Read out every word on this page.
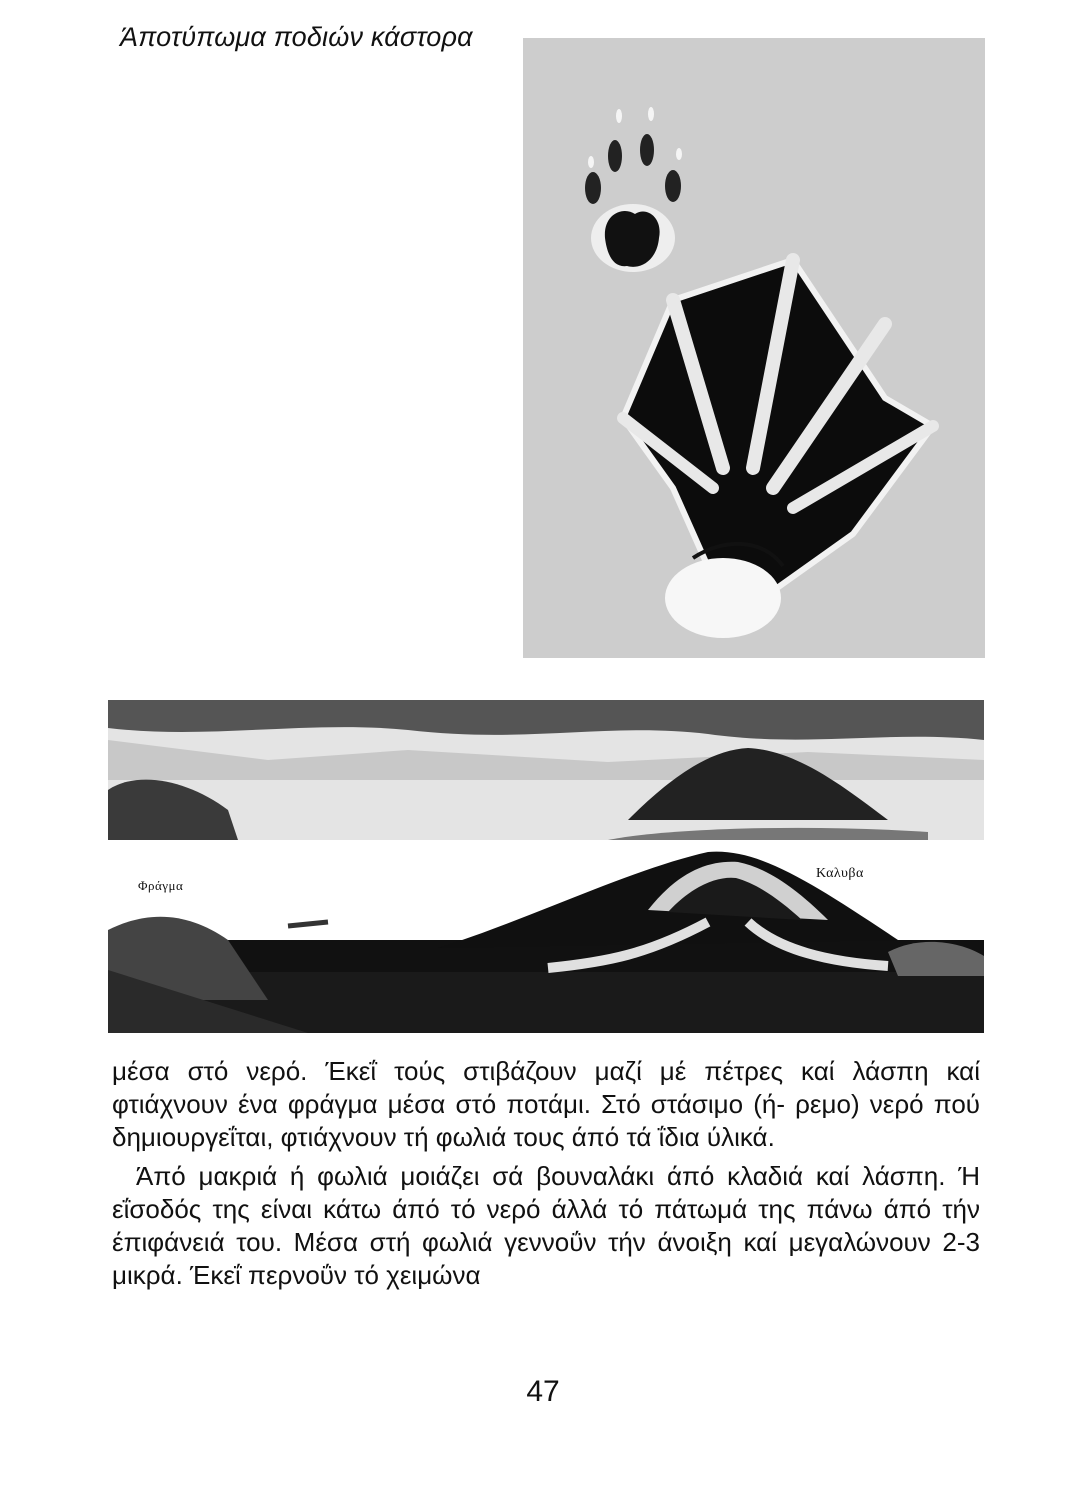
Άποτύπωμα ποδιών κάστορα
Φράγμα
Καλυβα

μέσα στό νερό. Έκεΐ τούς στιβάζουν μαζί μέ πέτρες καί λάσπη καί φτιάχνουν ένα φράγμα μέσα στό ποτάμι. Στό στάσιμο (ή- ρεμο) νερό πού δημιουργεΐται, φτιάχνουν τή φωλιά τους άπό τά ΐδια ύλικά.

Άπό μακριά ή φωλιά μοιάζει σά βουναλάκι άπό κλαδιά καί λάσπη. Ή εΐσοδός της είναι κάτω άπό τό νερό άλλά τό πάτωμά της πάνω άπό τήν έπιφάνειά του. Μέσα στή φωλιά γεννοΰν τήν άνοιξη καί μεγαλώνουν 2-3 μικρά. Έκεΐ περνοΰν τό χειμώνα

47
